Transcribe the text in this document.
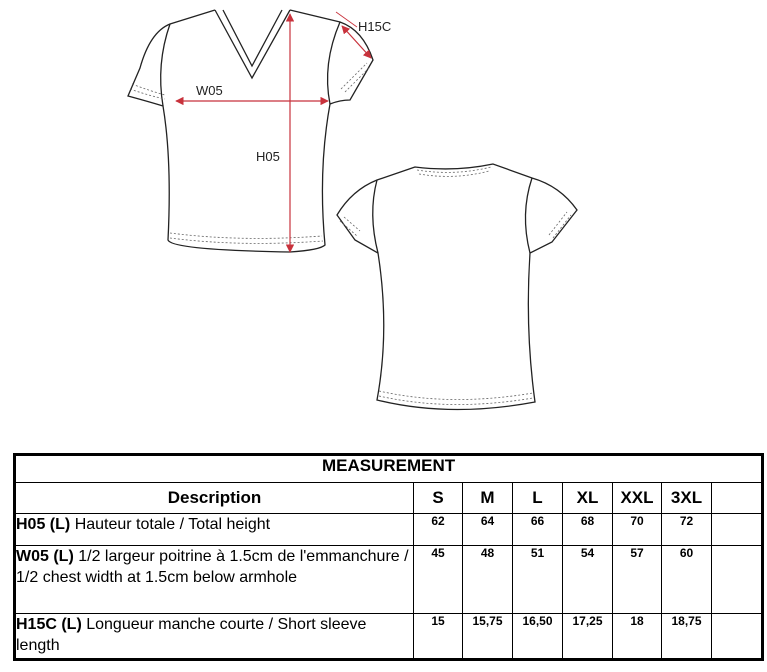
H15C
W05
H05
MEASUREMENT							
Description	S	M	L	XL	XXL	3XL	
H05 (L) Hauteur totale / Total height	62	64	66	68	70	72	
W05 (L) 1/2 largeur poitrine à 1.5cm de l'emmanchure / 1/2 chest width at 1.5cm below armhole	45	48	51	54	57	60	
H15C (L) Longueur manche courte / Short sleeve length	15	15,75	16,50	17,25	18	18,75	
